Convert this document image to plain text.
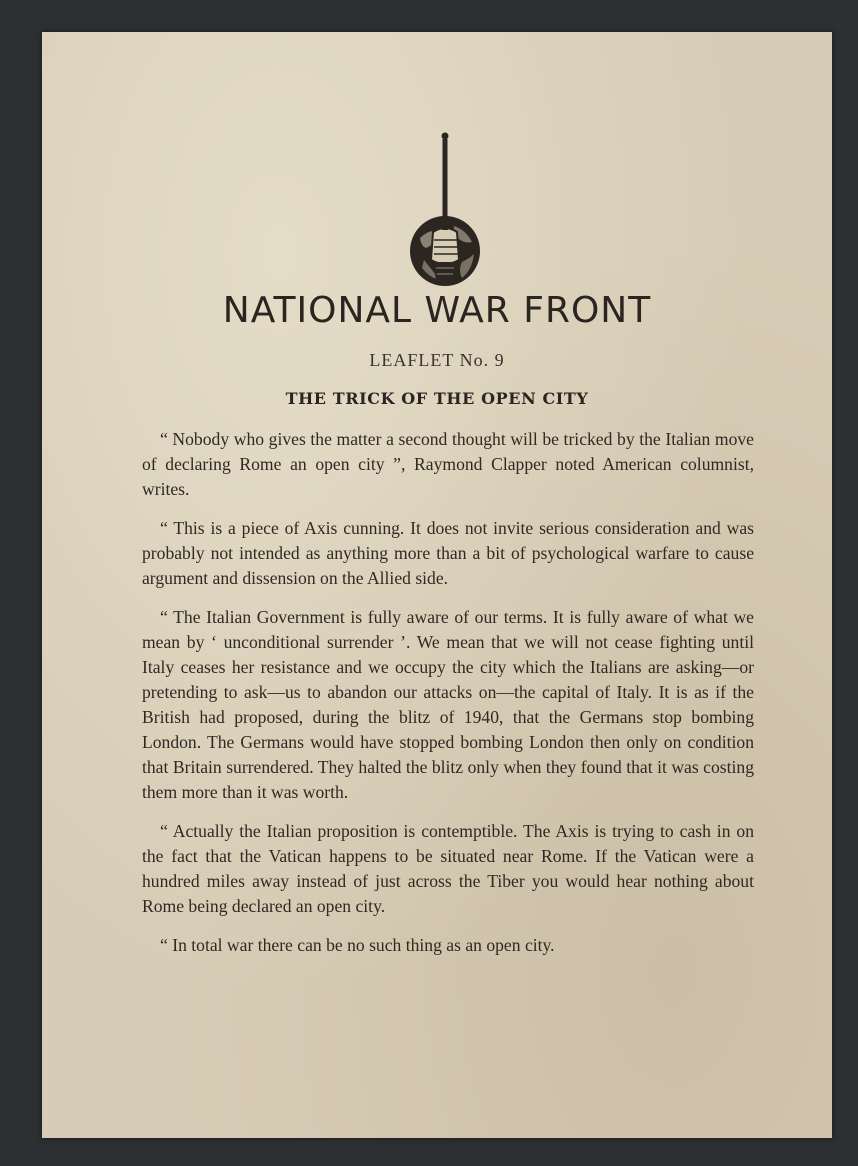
NATIONAL WAR FRONT
LEAFLET No. 9
THE TRICK OF THE OPEN CITY

“ Nobody who gives the matter a second thought will be tricked by the Italian move of declaring Rome an open city ”, Raymond Clapper noted American columnist, writes.

“ This is a piece of Axis cunning. It does not invite serious consideration and was probably not intended as anything more than a bit of psychological warfare to cause argument and dissension on the Allied side.

“ The Italian Government is fully aware of our terms. It is fully aware of what we mean by ‘ unconditional surrender ’. We mean that we will not cease fighting until Italy ceases her resistance and we occupy the city which the Italians are asking—or pretending to ask—us to abandon our attacks on—the capital of Italy. It is as if the British had proposed, during the blitz of 1940, that the Germans stop bombing London. The Germans would have stopped bombing London then only on condition that Britain surrendered. They halted the blitz only when they found that it was costing them more than it was worth.

“ Actually the Italian proposition is contemptible. The Axis is trying to cash in on the fact that the Vatican happens to be situated near Rome. If the Vatican were a hundred miles away instead of just across the Tiber you would hear nothing about Rome being declared an open city.

“ In total war there can be no such thing as an open city.
